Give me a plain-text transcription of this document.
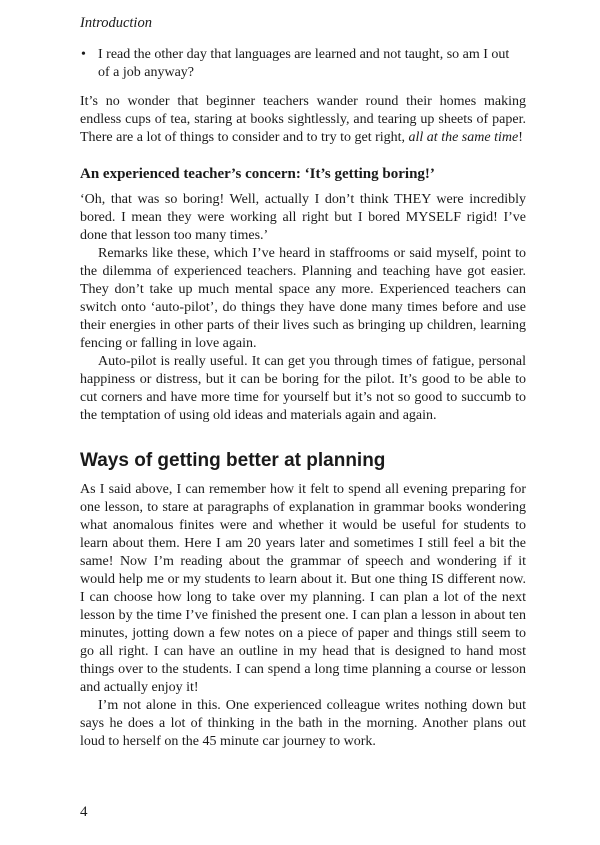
Introduction
• I read the other day that languages are learned and not taught, so am I out of a job anyway?

It’s no wonder that beginner teachers wander round their homes making endless cups of tea, staring at books sightlessly, and tearing up sheets of paper. There are a lot of things to consider and to try to get right, all at the same time!

An experienced teacher’s concern: ‘It’s getting boring!’

‘Oh, that was so boring! Well, actually I don’t think THEY were incredibly bored. I mean they were working all right but I bored MYSELF rigid! I’ve done that lesson too many times.’

Remarks like these, which I’ve heard in staffrooms or said myself, point to the dilemma of experienced teachers. Planning and teaching have got easier. They don’t take up much mental space any more. Experienced teachers can switch onto ‘auto-pilot’, do things they have done many times before and use their energies in other parts of their lives such as bringing up children, learning fencing or falling in love again.

Auto-pilot is really useful. It can get you through times of fatigue, personal happiness or distress, but it can be boring for the pilot. It’s good to be able to cut corners and have more time for yourself but it’s not so good to succumb to the temptation of using old ideas and materials again and again.

Ways of getting better at planning

As I said above, I can remember how it felt to spend all evening preparing for one lesson, to stare at paragraphs of explanation in grammar books wondering what anomalous finites were and whether it would be useful for students to learn about them. Here I am 20 years later and sometimes I still feel a bit the same! Now I’m reading about the grammar of speech and wondering if it would help me or my students to learn about it. But one thing IS different now. I can choose how long to take over my planning. I can plan a lot of the next lesson by the time I’ve finished the present one. I can plan a lesson in about ten minutes, jotting down a few notes on a piece of paper and things still seem to go all right. I can have an outline in my head that is designed to hand most things over to the students. I can spend a long time planning a course or lesson and actually enjoy it!

I’m not alone in this. One experienced colleague writes nothing down but says he does a lot of thinking in the bath in the morning. Another plans out loud to herself on the 45 minute car journey to work.

4
